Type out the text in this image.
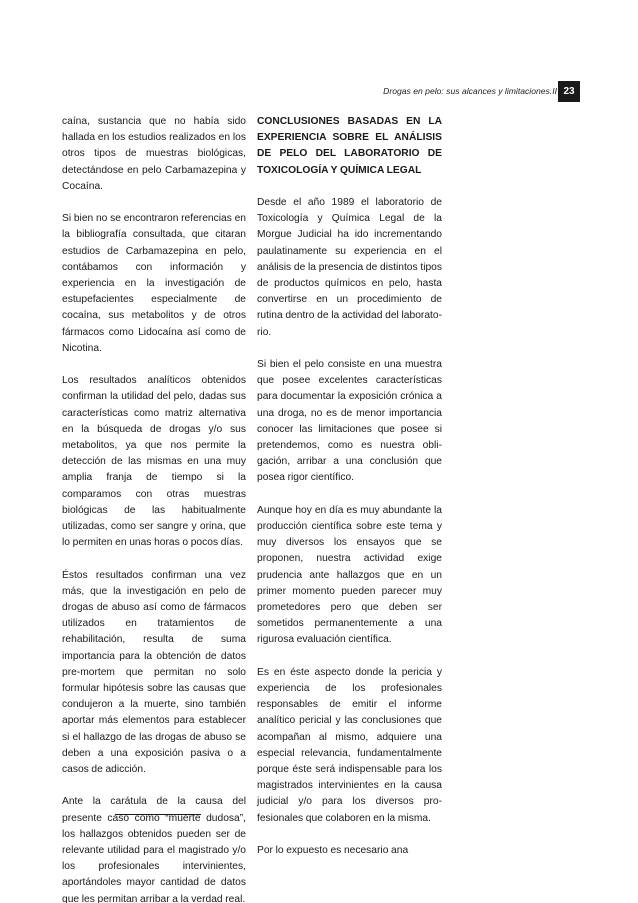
Drogas en pelo: sus alcances y limitaciones.II 23

caína, sustancia que no había sido hallada en los estudios realizados en los otros tipos de muestras biológicas, detectándose en pelo Carbamazepina y Cocaína.

Si bien no se encontraron referencias en la bibliografía consultada, que citaran estudios de Carbamazepina en pelo, contábamos con información y experiencia en la investigación de estupefacientes especialmente de cocaína, sus metabolitos y de otros fármacos como Lidocaína así como de Nicotina.

Los resultados analíticos obtenidos confirman la utilidad del pelo, dadas sus características como matriz alternativa en la búsqueda de drogas y/o sus metabolitos, ya que nos permite la detección de las mismas en una muy amplia franja de tiempo si la comparamos con otras muestras biológicas de las habitualmente utilizadas, como ser sangre y orina, que lo permiten en unas horas o pocos días.

Éstos resultados confirman una vez más, que la investigación en pelo de drogas de abuso así como de fármacos utilizados en tratamientos de rehabilitación, resulta de suma importancia para la obtención de datos pre-mortem que permitan no solo formular hipótesis sobre las causas que condujeron a la muerte, sino también aportar más elementos para establecer si el hallazgo de las drogas de abuso se deben a una exposición pasiva o a casos de adicción.

Ante la carátula de la causa del presente caso como “muerte dudosa”, los hallazgos obtenidos pueden ser de relevante utilidad para el magistrado y/o los profesionales intervinientes, aportándoles mayor cantidad de datos que les permitan arribar a la verdad real.

CONCLUSIONES BASADAS EN LA EXPERIENCIA SOBRE EL ANÁLISIS DE PELO DEL LABORATORIO DE TOXICOLOGÍA Y QUÍMICA LEGAL

Desde el año 1989 el laboratorio de Toxicología y Química Legal de la Morgue Judicial ha ido incrementando paulatinamente su experiencia en el análisis de la presencia de distintos tipos de productos químicos en pelo, hasta convertirse en un procedimiento de rutina dentro de la actividad del laboratorio.

Si bien el pelo consiste en una muestra que posee excelentes características para documentar la exposición crónica a una droga, no es de menor importancia conocer las limitaciones que posee si pretendemos, como es nuestra obligación, arribar a una conclusión que posea rigor científico.

Aunque hoy en día es muy abundante la producción científica sobre este tema y muy diversos los ensayos que se proponen, nuestra actividad exige prudencia ante hallazgos que en un primer momento pueden parecer muy prometedores pero que deben ser sometidos permanentemente a una rigurosa evaluación científica.

Es en éste aspecto donde la pericia y experiencia de los profesionales responsables de emitir el informe analítico pericial y las conclusiones que acompañan al mismo, adquiere una especial relevancia, fundamentalmente porque éste será indispensable para los magistrados intervinientes en la causa judicial y/o para los diversos profesionales que colaboren en la misma.

Por lo expuesto es necesario ana
